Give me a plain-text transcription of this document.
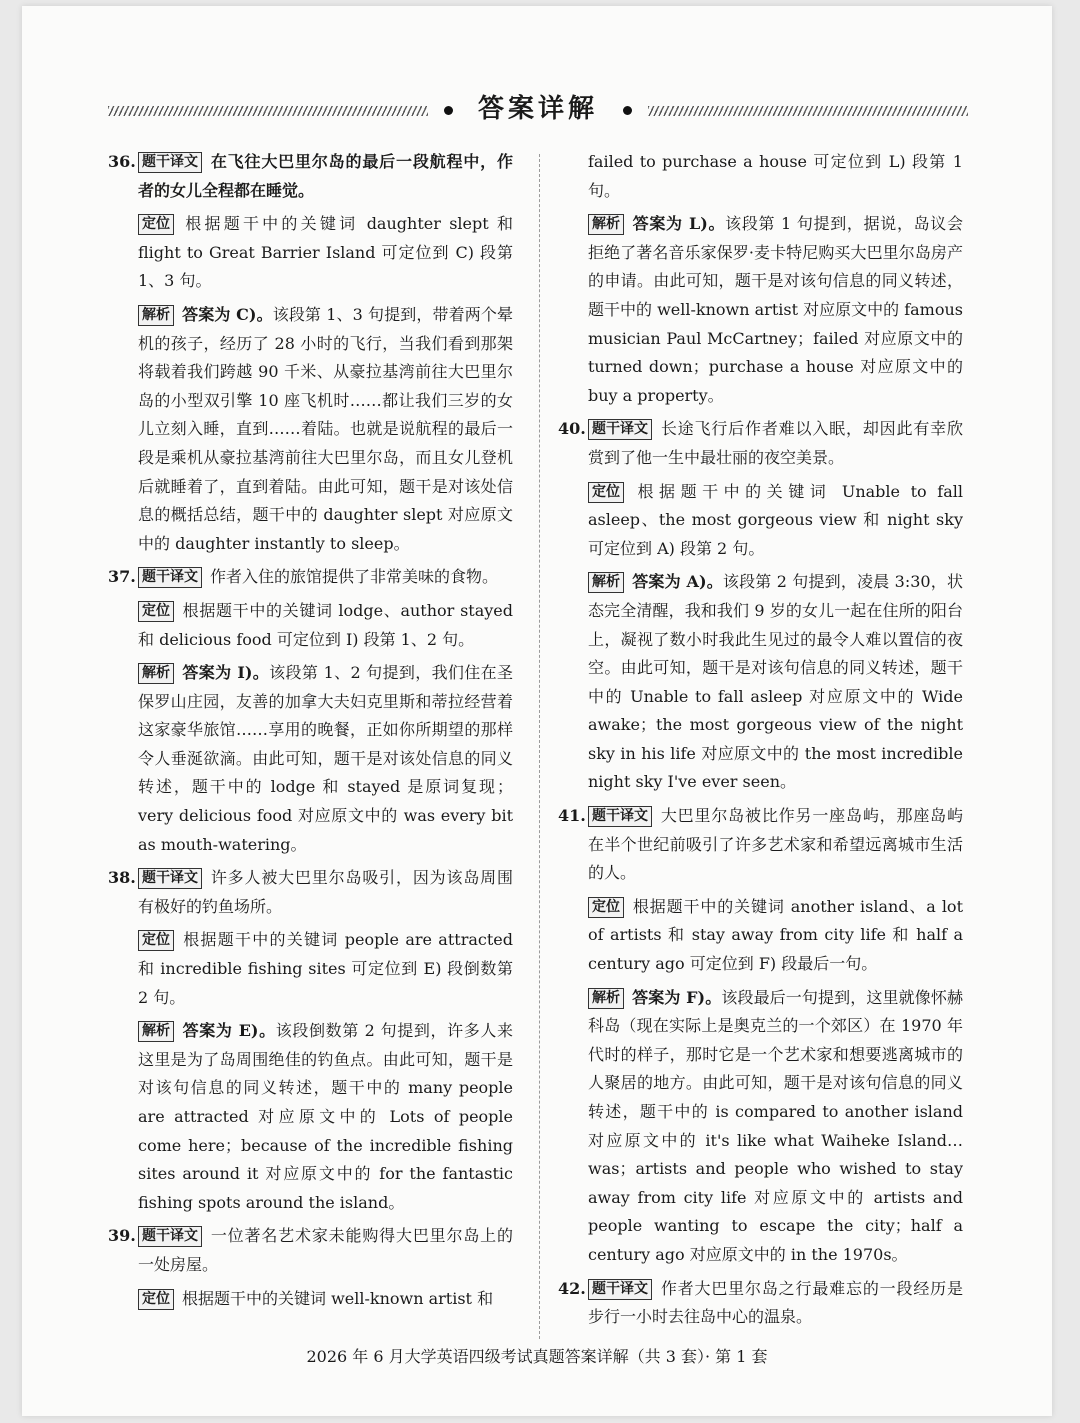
答案详解
36. 题干译文 在飞往大巴里尔岛的最后一段航程中，作者的女儿全程都在睡觉。
定位 根据题干中的关键词 daughter slept 和 flight to Great Barrier Island 可定位到 C) 段第 1、3 句。
解析 答案为 C)。该段第 1、3 句提到，带着两个晕机的孩子，经历了 28 小时的飞行，当我们看到那架将载着我们跨越 90 千米、从豪拉基湾前往大巴里尔岛的小型双引擎 10 座飞机时……都让我们三岁的女儿立刻入睡，直到……着陆。也就是说航程的最后一段是乘机从豪拉基湾前往大巴里尔岛，而且女儿登机后就睡着了，直到着陆。由此可知，题干是对该处信息的概括总结，题干中的 daughter slept 对应原文中的 daughter instantly to sleep。
37. 题干译文 作者入住的旅馆提供了非常美味的食物。
定位 根据题干中的关键词 lodge、author stayed 和 delicious food 可定位到 I) 段第 1、2 句。
解析 答案为 I)。该段第 1、2 句提到，我们住在圣保罗山庄园，友善的加拿大夫妇克里斯和蒂拉经营着这家豪华旅馆……享用的晚餐，正如你所期望的那样令人垂涎欲滴。由此可知，题干是对该处信息的同义转述，题干中的 lodge 和 stayed 是原词复现；very delicious food 对应原文中的 was every bit as mouth-watering。
38. 题干译文 许多人被大巴里尔岛吸引，因为该岛周围有极好的钓鱼场所。
定位 根据题干中的关键词 people are attracted 和 incredible fishing sites 可定位到 E) 段倒数第 2 句。
解析 答案为 E)。该段倒数第 2 句提到，许多人来这里是为了岛周围绝佳的钓鱼点。由此可知，题干是对该句信息的同义转述，题干中的 many people are attracted 对应原文中的 Lots of people come here；because of the incredible fishing sites around it 对应原文中的 for the fantastic fishing spots around the island。
39. 题干译文 一位著名艺术家未能购得大巴里尔岛上的一处房屋。
定位 根据题干中的关键词 well-known artist 和
failed to purchase a house 可定位到 L) 段第 1 句。
解析 答案为 L)。该段第 1 句提到，据说，岛议会拒绝了著名音乐家保罗·麦卡特尼购买大巴里尔岛房产的申请。由此可知，题干是对该句信息的同义转述，题干中的 well-known artist 对应原文中的 famous musician Paul McCartney；failed 对应原文中的 turned down；purchase a house 对应原文中的 buy a property。
40. 题干译文 长途飞行后作者难以入眠，却因此有幸欣赏到了他一生中最壮丽的夜空美景。
定位 根据题干中的关键词 Unable to fall asleep、the most gorgeous view 和 night sky 可定位到 A) 段第 2 句。
解析 答案为 A)。该段第 2 句提到，凌晨 3:30，状态完全清醒，我和我们 9 岁的女儿一起在住所的阳台上，凝视了数小时我此生见过的最令人难以置信的夜空。由此可知，题干是对该句信息的同义转述，题干中的 Unable to fall asleep 对应原文中的 Wide awake；the most gorgeous view of the night sky in his life 对应原文中的 the most incredible night sky I've ever seen。
41. 题干译文 大巴里尔岛被比作另一座岛屿，那座岛屿在半个世纪前吸引了许多艺术家和希望远离城市生活的人。
定位 根据题干中的关键词 another island、a lot of artists 和 stay away from city life 和 half a century ago 可定位到 F) 段最后一句。
解析 答案为 F)。该段最后一句提到，这里就像怀赫科岛（现在实际上是奥克兰的一个郊区）在 1970 年代时的样子，那时它是一个艺术家和想要逃离城市的人聚居的地方。由此可知，题干是对该句信息的同义转述，题干中的 is compared to another island 对应原文中的 it's like what Waiheke Island…was；artists and people who wished to stay away from city life 对应原文中的 artists and people wanting to escape the city；half a century ago 对应原文中的 in the 1970s。
42. 题干译文 作者大巴里尔岛之行最难忘的一段经历是步行一小时去往岛中心的温泉。
2026 年 6 月大学英语四级考试真题答案详解（共 3 套）· 第 1 套
